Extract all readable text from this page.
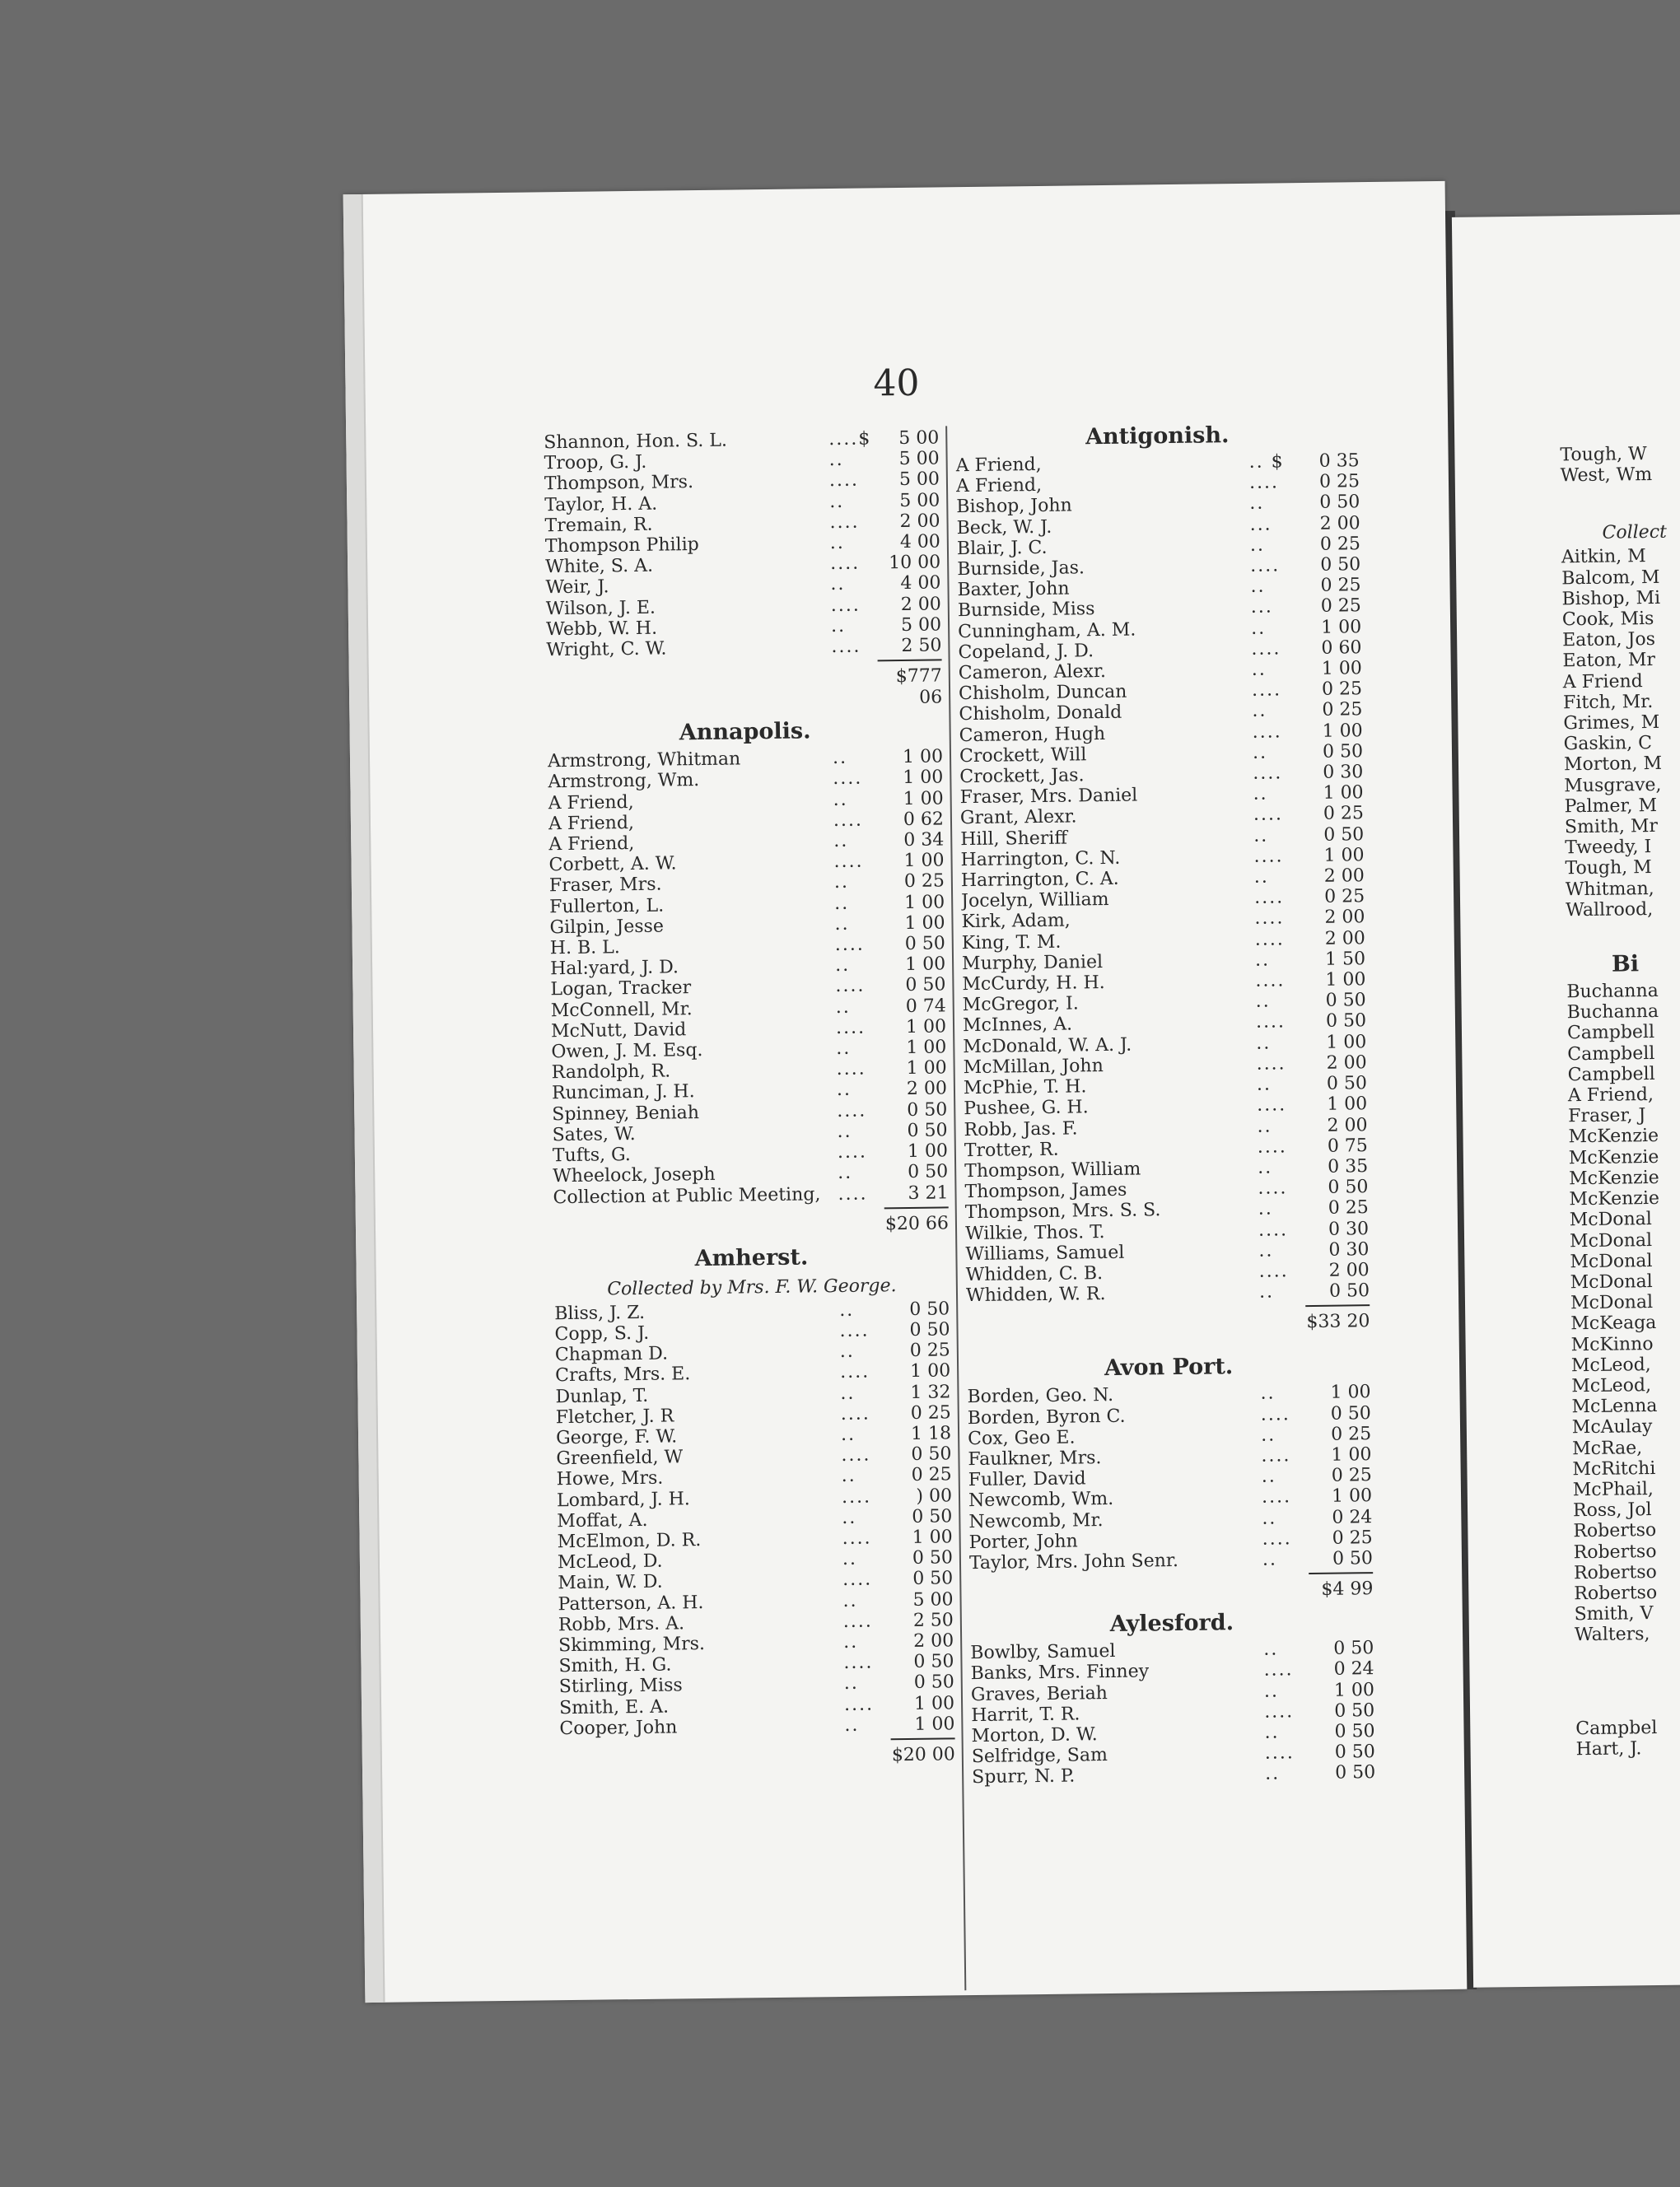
40
Shannon, Hon. S. L.	....$	5 00
Troop, G. J.	..	5 00
Thompson, Mrs.	....	5 00
Taylor, H. A.	..	5 00
Tremain, R.	....	2 00
Thompson Philip	..	4 00
White, S. A.	....	10 00
Weir, J.	..	4 00
Wilson, J. E.	....	2 00
Webb, W. H.	..	5 00
Wright, C. W.	....	2 50
$777 06
Annapolis.
Armstrong, Whitman	..	1 00
Armstrong, Wm.	....	1 00
A Friend,	..	1 00
A Friend,	....	0 62
A Friend,	..	0 34
Corbett, A. W.	....	1 00
Fraser, Mrs.	..	0 25
Fullerton, L.	..	1 00
Gilpin, Jesse	..	1 00
H. B. L.	....	0 50
Hal:yard, J. D.	..	1 00
Logan, Tracker	....	0 50
McConnell, Mr.	..	0 74
McNutt, David	....	1 00
Owen, J. M. Esq.	..	1 00
Randolph, R.	....	1 00
Runciman, J. H.	..	2 00
Spinney, Beniah	....	0 50
Sates, W.	..	0 50
Tufts, G.	....	1 00
Wheelock, Joseph	..	0 50
Collection at Public Meeting, ....	3 21
$20 66
Amherst.
Collected by Mrs. F. W. George.
Bliss, J. Z.	..	0 50
Copp, S. J.	....	0 50
Chapman D.	..	0 25
Crafts, Mrs. E.	....	1 00
Dunlap, T.	..	1 32
Fletcher, J. R	....	0 25
George, F. W.	..	1 18
Greenfield, W	....	0 50
Howe, Mrs.	..	0 25
Lombard, J. H.	....	) 00
Moffat, A.	..	0 50
McElmon, D. R.	....	1 00
McLeod, D.	..	0 50
Main, W. D.	....	0 50
Patterson, A. H.	..	5 00
Robb, Mrs. A.	....	2 50
Skimming, Mrs.	..	2 00
Smith, H. G.	....	0 50
Stirling, Miss	..	0 50
Smith, E. A.	....	1 00
Cooper, John	..	1 00
$20 00
Antigonish.
A Friend,	.. $	0 35
A Friend,	....	0 25
Bishop, John	..	0 50
Beck, W. J.	...	2 00
Blair, J. C.	..	0 25
Burnside, Jas.	....	0 50
Baxter, John	..	0 25
Burnside, Miss	...	0 25
Cunningham, A. M.	..	1 00
Copeland, J. D.	....	0 60
Cameron, Alexr.	..	1 00
Chisholm, Duncan	....	0 25
Chisholm, Donald	..	0 25
Cameron, Hugh	....	1 00
Crockett, Will	..	0 50
Crockett, Jas.	....	0 30
Fraser, Mrs. Daniel	..	1 00
Grant, Alexr.	....	0 25
Hill, Sheriff	..	0 50
Harrington, C. N.	....	1 00
Harrington, C. A.	..	2 00
Jocelyn, William	....	0 25
Kirk, Adam,	....	2 00
King, T. M.	....	2 00
Murphy, Daniel	..	1 50
McCurdy, H. H.	....	1 00
McGregor, I.	..	0 50
McInnes, A.	....	0 50
McDonald, W. A. J.	..	1 00
McMillan, John	....	2 00
McPhie, T. H.	..	0 50
Pushee, G. H.	....	1 00
Robb, Jas. F.	..	2 00
Trotter, R.	....	0 75
Thompson, William	..	0 35
Thompson, James	....	0 50
Thompson, Mrs. S. S.	..	0 25
Wilkie, Thos. T.	....	0 30
Williams, Samuel	..	0 30
Whidden, C. B.	....	2 00
Whidden, W. R.	..	0 50
$33 20
Avon Port.
Borden, Geo. N.	..	1 00
Borden, Byron C.	....	0 50
Cox, Geo E.	..	0 25
Faulkner, Mrs.	....	1 00
Fuller, David	..	0 25
Newcomb, Wm.	....	1 00
Newcomb, Mr.	..	0 24
Porter, John	....	0 25
Taylor, Mrs. John Senr.	..	0 50
$4 99
Aylesford.
Bowlby, Samuel	..	0 50
Banks, Mrs. Finney	....	0 24
Graves, Beriah	..	1 00
Harrit, T. R.	....	0 50
Morton, D. W.	..	0 50
Selfridge, Sam	....	0 50
Spurr, N. P.	..	0 50
Tough, W
West, Wm
Collect
Aitkin, M
Balcom, M
Bishop, Mi
Cook, Mis
Eaton, Jos
Eaton, Mr
A Friend
Fitch, Mr.
Grimes, M
Gaskin, C
Morton, M
Musgrave,
Palmer, M
Smith, Mr
Tweedy, I
Tough, M
Whitman,
Wallrood,
Bi
Buchanna
Buchanna
Campbell
Campbell
Campbell
A Friend,
Fraser, J
McKenzie
McKenzie
McKenzie
McKenzie
McDonal
McDonal
McDonal
McDonal
McDonal
McKeaga
McKinno
McLeod,
McLeod,
McLenna
McAulay
McRae,
McRitchi
McPhail,
Ross, Jol
Robertso
Robertso
Robertso
Robertso
Smith, V
Walters,
Campbel
Hart, J.
